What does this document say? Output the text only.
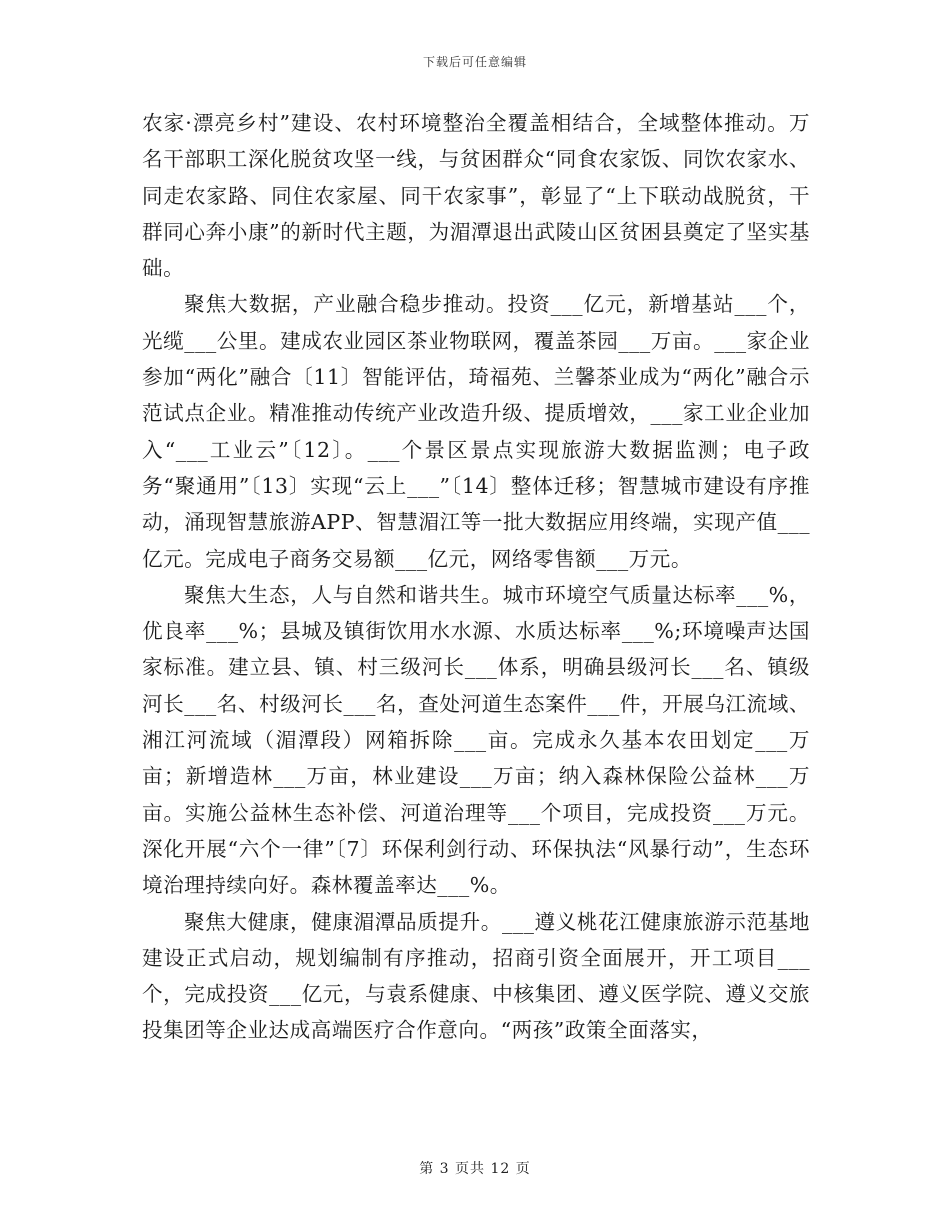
下载后可任意编辑

农家·漂亮乡村”建设、农村环境整治全覆盖相结合，全域整体推动。万名干部职工深化脱贫攻坚一线，与贫困群众“同食农家饭、同饮农家水、同走农家路、同住农家屋、同干农家事”，彰显了“上下联动战脱贫，干群同心奔小康”的新时代主题，为湄潭退出武陵山区贫困县奠定了坚实基础。

聚焦大数据，产业融合稳步推动。投资___亿元，新增基站___个，光缆___公里。建成农业园区茶业物联网，覆盖茶园___万亩。___家企业参加“两化”融合〔11〕智能评估，琦福苑、兰馨茶业成为“两化”融合示范试点企业。精准推动传统产业改造升级、提质增效，___家工业企业加入“___工业云”〔12〕。___个景区景点实现旅游大数据监测；电子政务“聚通用”〔13〕实现“云上___”〔14〕整体迁移；智慧城市建设有序推动，涌现智慧旅游APP、智慧湄江等一批大数据应用终端，实现产值___亿元。完成电子商务交易额___亿元，网络零售额___万元。

聚焦大生态，人与自然和谐共生。城市环境空气质量达标率___%，优良率___%；县城及镇街饮用水水源、水质达标率___%;环境噪声达国家标准。建立县、镇、村三级河长___体系，明确县级河长___名、镇级河长___名、村级河长___名，查处河道生态案件___件，开展乌江流域、湘江河流域（湄潭段）网箱拆除___亩。完成永久基本农田划定___万亩；新增造林___万亩，林业建设___万亩；纳入森林保险公益林___万亩。实施公益林生态补偿、河道治理等___个项目，完成投资___万元。深化开展“六个一律”〔7〕环保利剑行动、环保执法“风暴行动”，生态环境治理持续向好。森林覆盖率达___%。

聚焦大健康，健康湄潭品质提升。___遵义桃花江健康旅游示范基地建设正式启动，规划编制有序推动，招商引资全面展开，开工项目___个，完成投资___亿元，与袁系健康、中核集团、遵义医学院、遵义交旅投集团等企业达成高端医疗合作意向。“两孩”政策全面落实，

第 3 页共 12 页
